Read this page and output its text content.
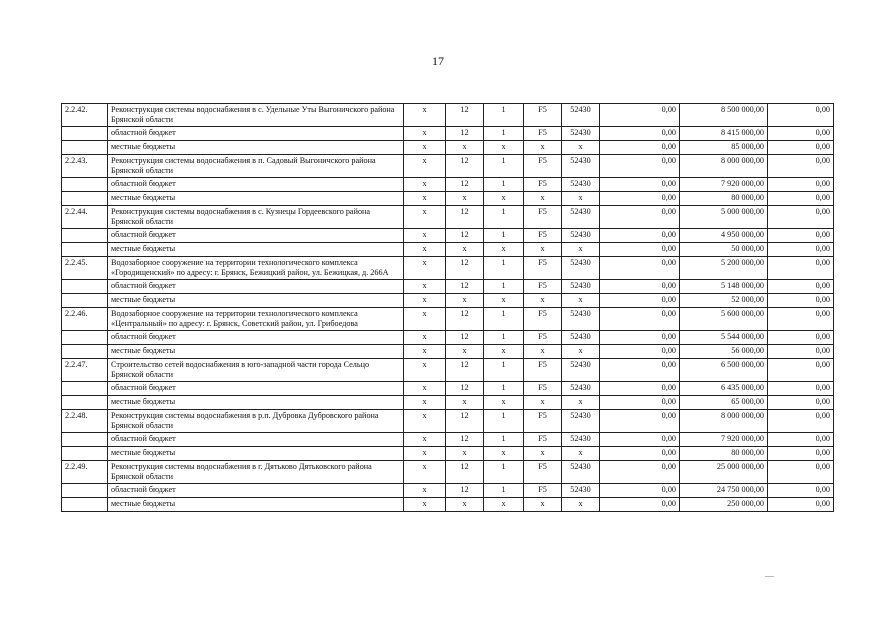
17
2.2.42.	Реконструкция системы водоснабжения в с. Удельные Уты Выгоничского района Брянской области	х	12	1	F5	52430	0,00	8 500 000,00	0,00
	областной бюджет	х	12	1	F5	52430	0,00	8 415 000,00	0,00
	местные бюджеты	х	х	х	х	х	0,00	85 000,00	0,00
2.2.43.	Реконструкция системы водоснабжения в п. Садовый Выгоничского района Брянской области	х	12	1	F5	52430	0,00	8 000 000,00	0,00
	областной бюджет	х	12	1	F5	52430	0,00	7 920 000,00	0,00
	местные бюджеты	х	х	х	х	х	0,00	80 000,00	0,00
2.2.44.	Реконструкция системы водоснабжения в с. Кузнецы Гордеевского района Брянской области	х	12	1	F5	52430	0,00	5 000 000,00	0,00
	областной бюджет	х	12	1	F5	52430	0,00	4 950 000,00	0,00
	местные бюджеты	х	х	х	х	х	0,00	50 000,00	0,00
2.2.45.	Водозаборное сооружение на территории технологического комплекса «Городищенский» по адресу: г. Брянск, Бежицкий район, ул. Бежицкая, д. 266А	х	12	1	F5	52430	0,00	5 200 000,00	0,00
	областной бюджет	х	12	1	F5	52430	0,00	5 148 000,00	0,00
	местные бюджеты	х	х	х	х	х	0,00	52 000,00	0,00
2.2.46.	Водозаборное сооружение на территории технологического комплекса «Центральный» по адресу: г. Брянск, Советский район, ул. Грибоедова	х	12	1	F5	52430	0,00	5 600 000,00	0,00
	областной бюджет	х	12	1	F5	52430	0,00	5 544 000,00	0,00
	местные бюджеты	х	х	х	х	х	0,00	56 000,00	0,00
2.2.47.	Строительство сетей водоснабжения в юго-западной части города Сельцо Брянской области	х	12	1	F5	52430	0,00	6 500 000,00	0,00
	областной бюджет	х	12	1	F5	52430	0,00	6 435 000,00	0,00
	местные бюджеты	х	х	х	х	х	0,00	65 000,00	0,00
2.2.48.	Реконструкция системы водоснабжения в р.п. Дубровка Дубровского района Брянской области	х	12	1	F5	52430	0,00	8 000 000,00	0,00
	областной бюджет	х	12	1	F5	52430	0,00	7 920 000,00	0,00
	местные бюджеты	х	х	х	х	х	0,00	80 000,00	0,00
2.2.49.	Реконструкция системы водоснабжения в г. Дятьково Дятьковского района Брянской области	х	12	1	F5	52430	0,00	25 000 000,00	0,00
	областной бюджет	х	12	1	F5	52430	0,00	24 750 000,00	0,00
	местные бюджеты	х	х	х	х	х	0,00	250 000,00	0,00
